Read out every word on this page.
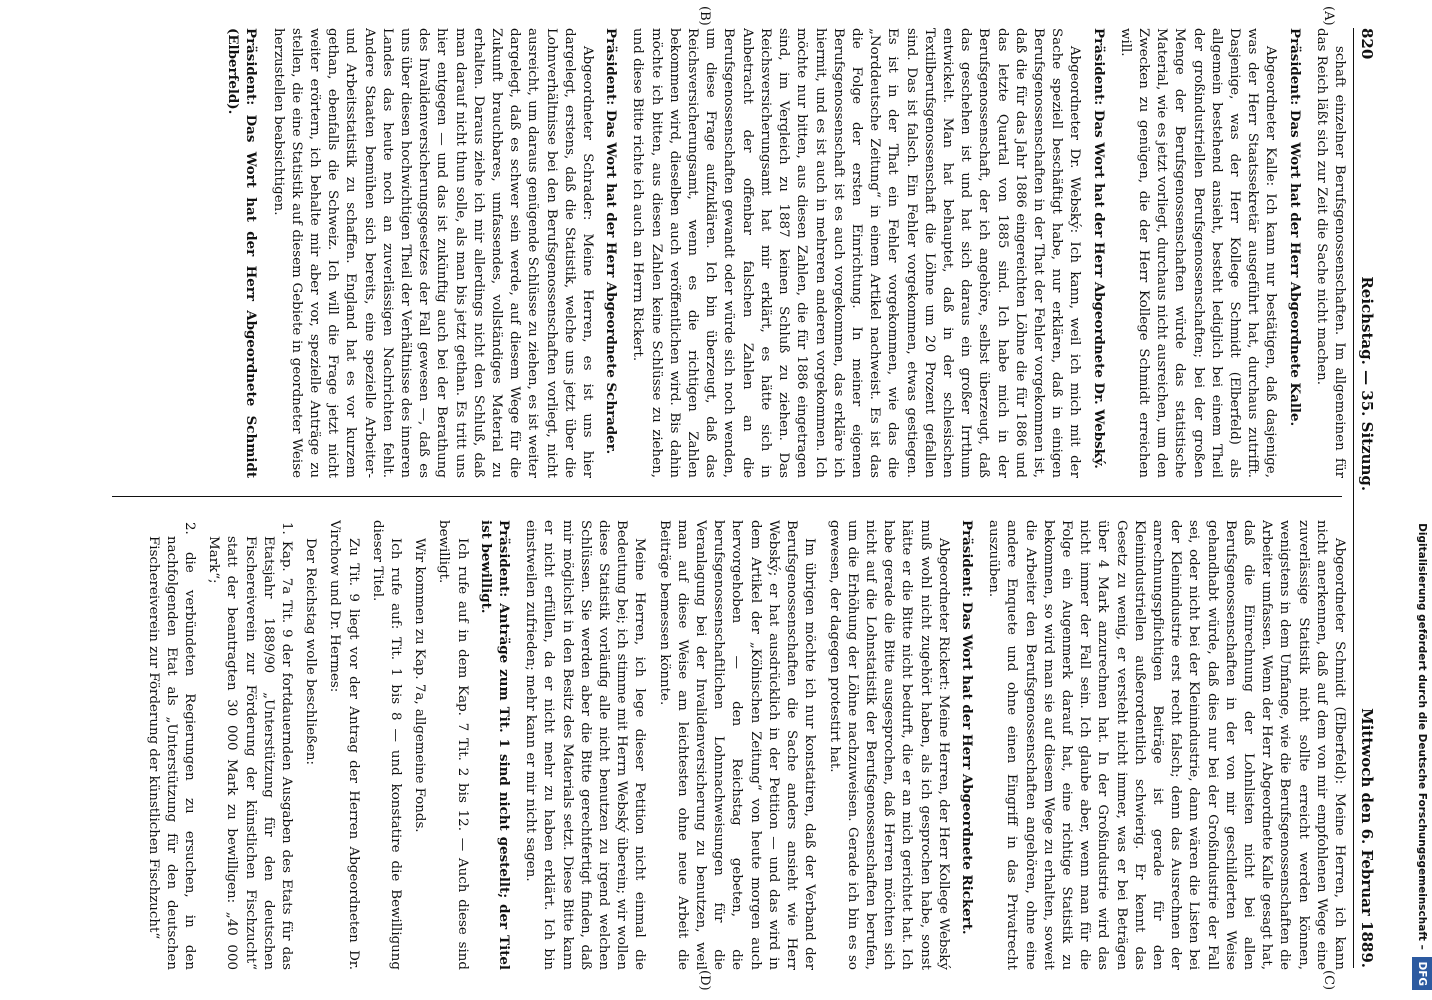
820
Reichstag. — 35. Sitzung.
Mittwoch den 6. Februar 1889.
(A)
(B)
(C)
(D)

schaft einzelner Berufsgenossenschaften. Im allgemeinen für das Reich läßt sich zur Zeit die Sache nicht machen.

Präsident: Das Wort hat der Herr Abgeordnete Kalle.

Abgeordneter Kalle: Ich kann nur bestätigen, daß dasjenige, was der Herr Staatssekretär ausgeführt hat, durchaus zutrifft. Dasjenige, was der Herr Kollege Schmidt (Elberfeld) als allgemein bestehend ansieht, besteht lediglich bei einem Theil der großindustriellen Berufsgenossenschaften; bei der großen Menge der Berufsgenossenschaften würde das statistische Material, wie es jetzt vorliegt, durchaus nicht ausreichen, um den Zwecken zu genügen, die der Herr Kollege Schmidt erreichen will.

Präsident: Das Wort hat der Herr Abgeordnete Dr. Webský.

Abgeordneter Dr. Webský: Ich kann, weil ich mich mit der Sache speziell beschäftigt habe, nur erklären, daß in einigen Berufsgenossenschaften in der That der Fehler vorgekommen ist, daß die für das Jahr 1886 eingereichten Löhne die für 1886 und das letzte Quartal von 1885 sind. Ich habe mich in der Berufsgenossenschaft, der ich angehöre, selbst überzeugt, daß das geschehen ist und hat sich daraus ein großer Irrthum entwickelt. Man hat behauptet, daß in der schlesischen Textilberufsgenossenschaft die Löhne um 20 Prozent gefallen sind. Das ist falsch. Ein Fehler vorgekommen, etwas gestiegen. Es ist in der That ein Fehler vorgekommen, wie das die „Norddeutsche Zeitung“ in einem Artikel nachweist. Es ist das die Folge der ersten Einrichtung. In meiner eigenen Berufsgenossenschaft ist es auch vorgekommen, das erkläre ich hiermit, und es ist auch in mehreren anderen vorgekommen. Ich möchte nur bitten, aus diesen Zahlen, die für 1886 eingetragen sind, im Vergleich zu 1887 keinen Schluß zu ziehen. Das Reichsversicherungsamt hat mir erklärt, es hätte sich in Anbetracht der offenbar falschen Zahlen an die Berufsgenossenschaften gewandt oder würde sich noch wenden, um diese Frage aufzuklären. Ich bin überzeugt, daß das Reichsversicherungsamt, wenn es die richtigen Zahlen bekommen wird, dieselben auch veröffentlichen wird. Bis dahin möchte ich bitten, aus diesen Zahlen keine Schlüsse zu ziehen, und diese Bitte richte ich auch an Herrn Rickert.

Präsident: Das Wort hat der Herr Abgeordnete Schrader.

Abgeordneter Schrader: Meine Herren, es ist uns hier dargelegt, erstens, daß die Statistik, welche uns jetzt über die Lohnverhältnisse bei den Berufsgenossenschaften vorliegt, nicht ausreicht, um daraus genügende Schlüsse zu ziehen, es ist weiter dargelegt, daß es schwer sein werde, auf diesem Wege für die Zukunft brauchbares, umfassendes, vollständiges Material zu erhalten. Daraus ziehe ich mir allerdings nicht den Schluß, daß man darauf nicht thun solle, als man bis jetzt gethan. Es tritt uns hier entgegen — und das ist zukünftig auch bei der Berathung des Invalidenversicherungsgesetzes der Fall gewesen —, daß es uns über diesen hochwichtigen Theil der Verhältnisse des inneren Landes das heute noch an zuverlässigen Nachrichten fehlt. Andere Staaten bemühen sich bereits, eine spezielle Arbeiter- und Arbeitsstatistik zu schaffen. England hat es vor kurzem gethan, ebenfalls die Schweiz. Ich will die Frage jetzt nicht weiter erörtern, ich behalte mir aber vor, spezielle Anträge zu stellen, die eine Statistik auf diesem Gebiete in geordneter Weise herzustellen beabsichtigen.

Präsident: Das Wort hat der Herr Abgeordnete Schmidt (Elberfeld).

Abgeordneter Schmidt (Elberfeld): Meine Herren, ich kann nicht anerkennen, daß auf dem von mir empfohlenen Wege eine zuverlässige Statistik nicht sollte erreicht werden können, wenigstens in dem Umfange, wie die Berufsgenossenschaften die Arbeiter umfassen. Wenn der Herr Abgeordnete Kalle gesagt hat, daß die Einrechnung der Lohnlisten nicht bei allen Berufsgenossenschaften in der von mir geschilderten Weise gehandhabt würde, daß dies nur bei der Großindustrie der Fall sei, oder nicht bei der Kleinindustrie, dann wären die Listen bei der Kleinindustrie erst recht falsch; denn das Ausrechnen der anrechnungspflichtigen Beiträge ist gerade für den Kleinindustriellen außerordentlich schwierig. Er kennt das Gesetz zu wenig, er versteht nicht immer, was er bei Beträgen über 4 Mark anzurechnen hat. In der Großindustrie wird das nicht immer der Fall sein. Ich glaube aber, wenn man für die Folge ein Augenmerk darauf hat, eine richtige Statistik zu bekommen, so wird man sie auf diesem Wege zu erhalten, soweit die Arbeiter den Berufsgenossenschaften angehören, ohne eine andere Enquete und ohne einen Eingriff in das Privatrecht auszuüben.

Präsident: Das Wort hat der Herr Abgeordnete Rickert.

Abgeordneter Rickert: Meine Herren, der Herr Kollege Webský muß wohl nicht zugehört haben, als ich gesprochen habe, sonst hätte er die Bitte nicht bedurft, die er an mich gerichtet hat. Ich habe gerade die Bitte ausgesprochen, daß Herren möchten sich nicht auf die Lohnstatistik der Berufsgenossenschaften berufen, um die Erhöhung der Löhne nachzuweisen. Gerade ich bin es so gewesen, der dagegen protestirt hat.

Im übrigen möchte ich nur konstatiren, daß der Verband der Berufsgenossenschaften die Sache anders ansieht wie Herr Webský; er hat ausdrücklich in der Petition — und das wird in dem Artikel der „Kölnischen Zeitung“ von heute morgen auch hervorgehoben — den Reichstag gebeten, die berufsgenossenschaftlichen Lohnnachweisungen für die Veranlagung bei der Invalidenversicherung zu benutzen, weil man auf diese Weise am leichtesten ohne neue Arbeit die Beiträge bemessen könnte.

Meine Herren, ich lege dieser Petition nicht einmal die Bedeutung bei; ich stimme mit Herrn Webský überein; wir wollen diese Statistik vorläufig alle nicht benutzen zu irgend welchen Schlüssen. Sie werden aber die Bitte gerechtfertigt finden, daß mir möglichst in den Besitz des Materials setzt. Diese Bitte kann er nicht erfüllen, da er nicht mehr zu haben erklärt. Ich bin einstweilen zufrieden; mehr kann er mir nicht sagen.

Präsident: Anträge zum Tit. 1 sind nicht gestellt; der Titel ist bewilligt.

Ich rufe auf in dem Kap. 7 Tit. 2 bis 12. — Auch diese sind bewilligt.

Wir kommen zu Kap. 7a, allgemeine Fonds.

Ich rufe auf: Tit. 1 bis 8 — und konstatire die Bewilligung dieser Titel.

Zu Tit. 9 liegt vor der Antrag der Herren Abgeordneten Dr. Virchow und Dr. Hermes:

Der Reichstag wolle beschließen:

1. Kap. 7a Tit. 9 der fortdauernden Ausgaben des Etats für das Etatsjahr 1889/90 „Unterstützung für den deutschen Fischereiverein zur Förderung der künstlichen Fischzucht“ statt der beantragten 30 000 Mark zu bewilligen: „40 000 Mark“;

2. die verbündeten Regierungen zu ersuchen, in den nachfolgenden Etat als „Unterstützung für den deutschen Fischereiverein zur Förderung der künstlichen Fischzucht“	Digitalisierung gefördert durch die Deutsche Forschungsgemeinschaft – DFG
